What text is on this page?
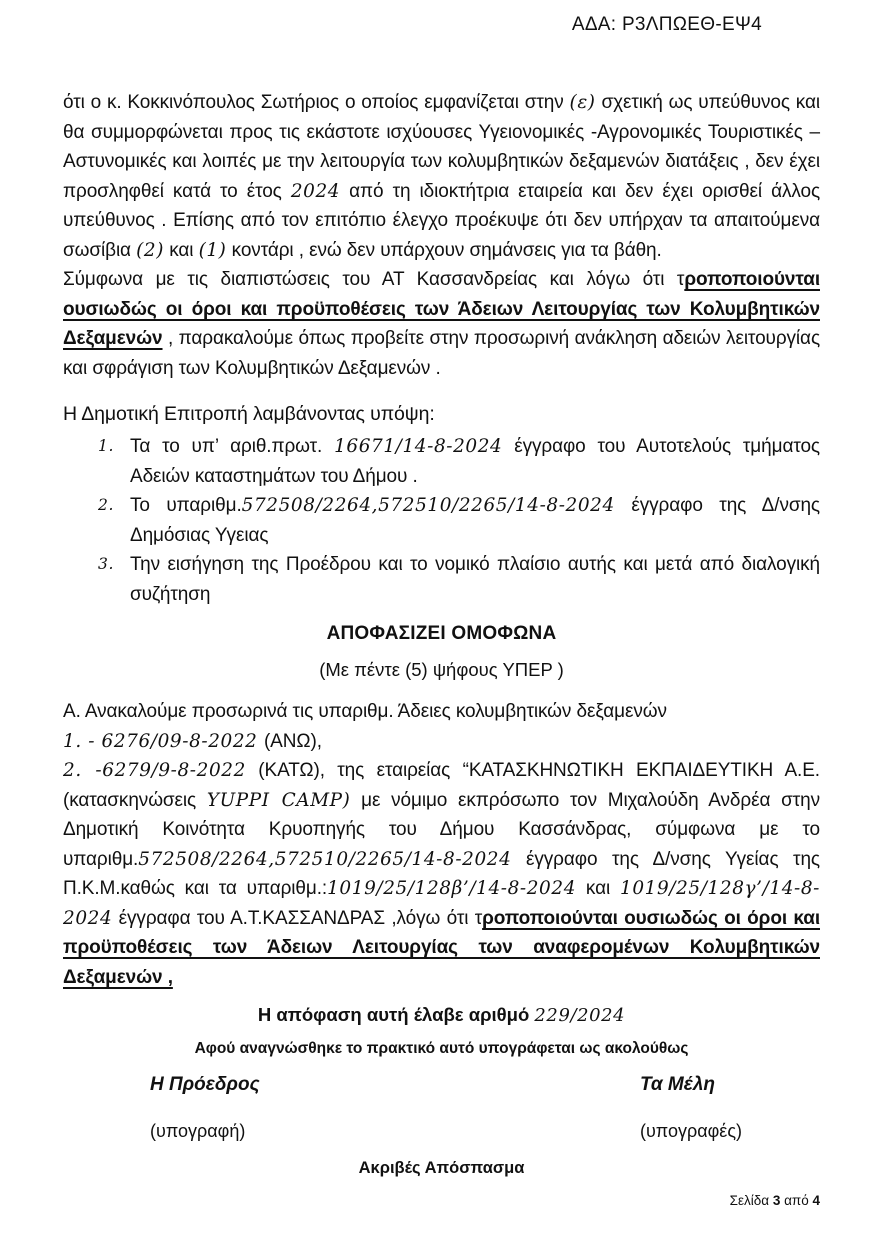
ΑΔΑ: Ρ3ΛΠΩΕΘ-ΕΨ4

ότι ο κ. Κοκκινόπουλος Σωτήριος ο οποίος εμφανίζεται στην (ε) σχετική ως υπεύθυνος και θα συμμορφώνεται προς τις εκάστοτε ισχύουσες Υγειονομικές -Αγρονομικές Τουριστικές – Αστυνομικές και λοιπές με την λειτουργία των κολυμβητικών δεξαμενών διατάξεις , δεν έχει προσληφθεί κατά το έτος 2024 από τη ιδιοκτήτρια εταιρεία και δεν έχει ορισθεί άλλος υπεύθυνος . Επίσης από τον επιτόπιο έλεγχο προέκυψε ότι δεν υπήρχαν τα απαιτούμενα σωσίβια (2) και (1) κοντάρι , ενώ δεν υπάρχουν σημάνσεις για τα βάθη.

Σύμφωνα με τις διαπιστώσεις του ΑΤ Κασσανδρείας και λόγω ότι τροποποιούνται ουσιωδώς οι όροι και προϋποθέσεις των Άδειων Λειτουργίας των Κολυμβητικών Δεξαμενών , παρακαλούμε όπως προβείτε στην προσωρινή ανάκληση αδειών λειτουργίας και σφράγιση των Κολυμβητικών Δεξαμενών .

Η Δημοτική Επιτροπή λαμβάνοντας υπόψη:

1. Τα το υπ’ αριθ.πρωτ. 16671/14-8-2024 έγγραφο του Αυτοτελούς τμήματος Αδειών καταστημάτων του Δήμου .
2. Το υπαριθμ.572508/2264,572510/2265/14-8-2024 έγγραφο της Δ/νσης Δημόσιας Υγειας
3. Την εισήγηση της Προέδρου και το νομικό πλαίσιο αυτής και μετά από διαλογική συζήτηση
ΑΠΟΦΑΣΙΖΕΙ ΟΜΟΦΩΝΑ
(Με πέντε (5) ψήφους ΥΠΕΡ )

Α. Ανακαλούμε προσωρινά τις υπαριθμ. Άδειες κολυμβητικών δεξαμενών

1. - 6276/09-8-2022 (ΑΝΩ),

2. -6279/9-8-2022 (ΚΑΤΩ), της εταιρείας “ΚΑΤΑΣΚΗΝΩΤΙΚΗ ΕΚΠΑΙΔΕΥΤΙΚΗ Α.Ε.(κατασκηνώσεις YUPPI CAMP) με νόμιμο εκπρόσωπο τον Μιχαλούδη Ανδρέα στην Δημοτική Κοινότητα Κρυοπηγής του Δήμου Κασσάνδρας, σύμφωνα με το υπαριθμ.572508/2264,572510/2265/14-8-2024 έγγραφο της Δ/νσης Υγείας της Π.Κ.Μ.καθώς και τα υπαριθμ.:1019/25/128β’/14-8-2024 και 1019/25/128γ’/14-8-2024 έγγραφα του Α.Τ.ΚΑΣΣΑΝΔΡΑΣ ,λόγω ότι τροποποιούνται ουσιωδώς οι όροι και προϋποθέσεις των Άδειων Λειτουργίας των αναφερομένων Κολυμβητικών Δεξαμενών ,

Η απόφαση αυτή έλαβε αριθμό 229/2024
Αφού αναγνώσθηκε το πρακτικό αυτό υπογράφεται ως ακολούθως
Η Πρόεδρος
(υπογραφή)
Τα Μέλη
(υπογραφές)
Ακριβές Απόσπασμα
Σελίδα 3 από 4
